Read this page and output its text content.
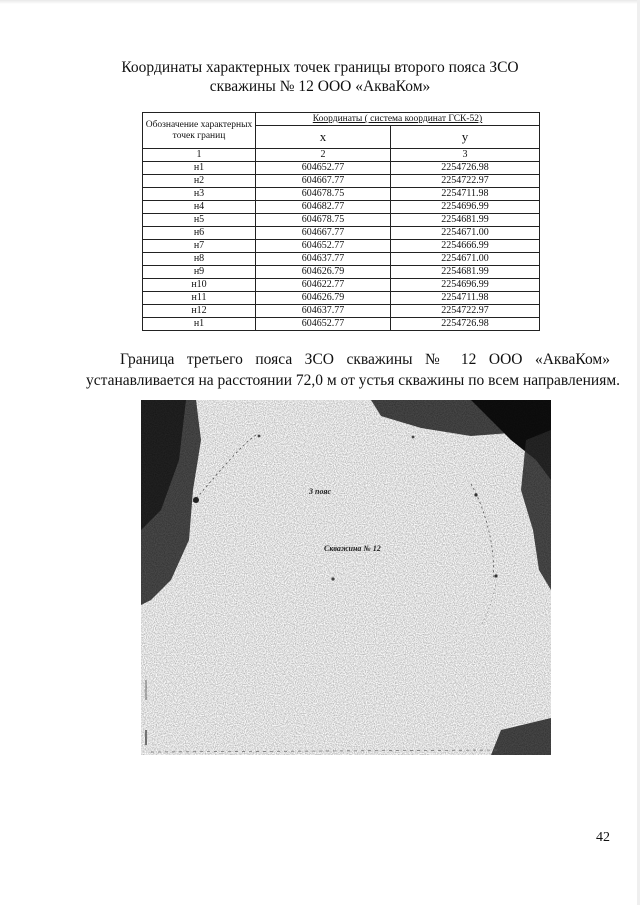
Координаты характерных точек границы второго пояса ЗСО
скважины № 12 ООО «АкваКом»
Обозначение характерных точек границ	Координаты ( система координат ГСК-52)	
	х	у
1	2	3
н1	604652.77	2254726.98
н2	604667.77	2254722.97
н3	604678.75	2254711.98
н4	604682.77	2254696.99
н5	604678.75	2254681.99
н6	604667.77	2254671.00
н7	604652.77	2254666.99
н8	604637.77	2254671.00
н9	604626.79	2254681.99
н10	604622.77	2254696.99
н11	604626.79	2254711.98
н12	604637.77	2254722.97
н1	604652.77	2254726.98
Граница третьего пояса ЗСО скважины № 12 ООО «АкваКом»
устанавливается на расстоянии 72,0 м от устья скважины по всем направлениям.
3 пояс
Скважина № 12
42
